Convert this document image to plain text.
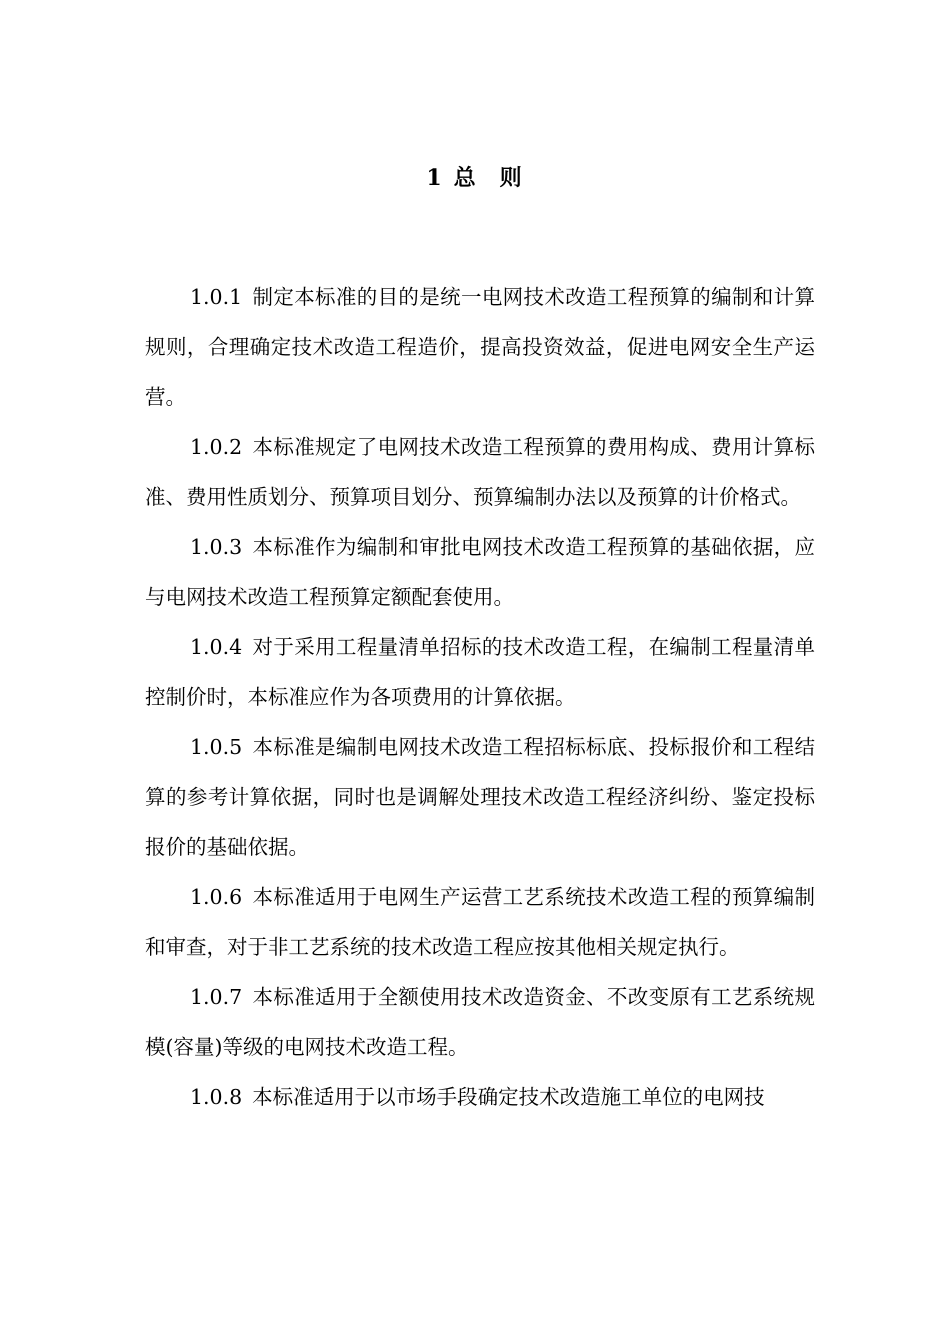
1 总 则

1.0.1 制定本标准的目的是统一电网技术改造工程预算的编制和计算规则，合理确定技术改造工程造价，提高投资效益，促进电网安全生产运营。

1.0.2 本标准规定了电网技术改造工程预算的费用构成、费用计算标准、费用性质划分、预算项目划分、预算编制办法以及预算的计价格式。

1.0.3 本标准作为编制和审批电网技术改造工程预算的基础依据，应与电网技术改造工程预算定额配套使用。

1.0.4 对于采用工程量清单招标的技术改造工程，在编制工程量清单控制价时，本标准应作为各项费用的计算依据。

1.0.5 本标准是编制电网技术改造工程招标标底、投标报价和工程结算的参考计算依据，同时也是调解处理技术改造工程经济纠纷、鉴定投标报价的基础依据。

1.0.6 本标准适用于电网生产运营工艺系统技术改造工程的预算编制和审查，对于非工艺系统的技术改造工程应按其他相关规定执行。

1.0.7 本标准适用于全额使用技术改造资金、不改变原有工艺系统规模(容量)等级的电网技术改造工程。

1.0.8 本标准适用于以市场手段确定技术改造施工单位的电网技
